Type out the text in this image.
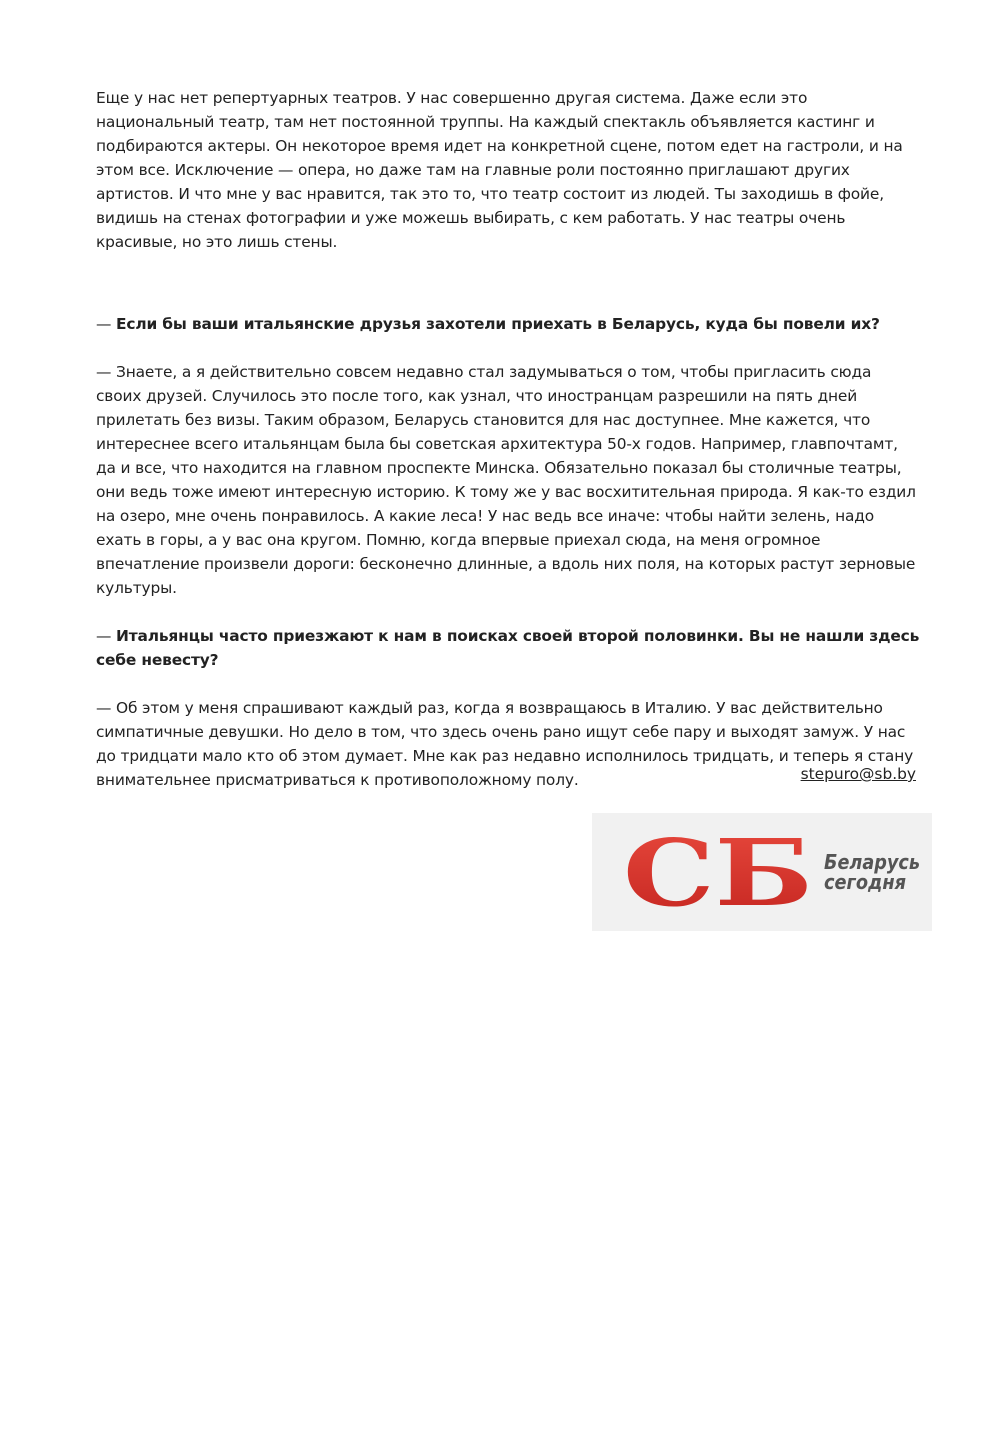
Еще у нас нет репертуарных театров. У нас совершенно другая система. Даже если это национальный театр, там нет постоянной труппы. На каждый спектакль объявляется кастинг и подбираются актеры. Он некоторое время идет на конкретной сцене, потом едет на гастроли, и на этом все. Исключение — опера, но даже там на главные роли постоянно приглашают других артистов. И что мне у вас нравится, так это то, что театр состоит из людей. Ты заходишь в фойе, видишь на стенах фотографии и уже можешь выбирать, с кем работать. У нас театры очень красивые, но это лишь стены.

— Если бы ваши итальянские друзья захотели приехать в Беларусь, куда бы повели их?

— Знаете, а я действительно совсем недавно стал задумываться о том, чтобы пригласить сюда своих друзей. Случилось это после того, как узнал, что иностранцам разрешили на пять дней прилетать без визы. Таким образом, Беларусь становится для нас доступнее. Мне кажется, что интереснее всего итальянцам была бы советская архитектура 50-х годов. Например, главпочтамт, да и все, что находится на главном проспекте Минска. Обязательно показал бы столичные театры, они ведь тоже имеют интересную историю. К тому же у вас восхитительная природа. Я как-то ездил на озеро, мне очень понравилось. А какие леса! У нас ведь все иначе: чтобы найти зелень, надо ехать в горы, а у вас она кругом. Помню, когда впервые приехал сюда, на меня огромное впечатление произвели дороги: бесконечно длинные, а вдоль них поля, на которых растут зерновые культуры.

— Итальянцы часто приезжают к нам в поисках своей второй половинки. Вы не нашли здесь себе невесту?

— Об этом у меня спрашивают каждый раз, когда я возвращаюсь в Италию. У вас действительно симпатичные девушки. Но дело в том, что здесь очень рано ищут себе пару и выходят замуж. У нас до тридцати мало кто об этом думает. Мне как раз недавно исполнилось тридцать, и теперь я стану внимательнее присматриваться к противоположному полу.	stepuro@sb.by
СБ Беларусь
сегодня
